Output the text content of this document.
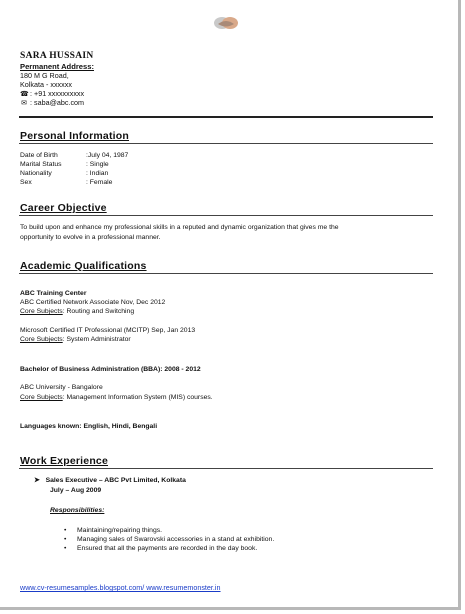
SARA HUSSAIN
Permanent Address:
180 M G Road,
Kolkata - xxxxxx
☎ : +91 xxxxxxxxxx
✉ : saba@abc.com
Personal Information
Date of Birth	:July 04, 1987
Marital Status	: Single
Nationality	: Indian
Sex	: Female
Career Objective
To build upon and enhance my professional skills in a reputed and dynamic organization that gives me the
opportunity to evolve in a professional manner.
Academic Qualifications
ABC Training Center
ABC Certified Network Associate Nov, Dec 2012
Core Subjects: Routing and Switching
Microsoft Certified IT Professional (MCITP) Sep, Jan 2013
Core Subjects: System Administrator
Bachelor of Business Administration (BBA): 2008 - 2012
ABC University - Bangalore
Core Subjects: Management Information System (MIS) courses.
Languages known: English, Hindi, Bengali
Work Experience
➤ Sales Executive – ABC Pvt Limited, Kolkata
July – Aug 2009
Responsibilities:
• Maintaining/repairing things.
• Managing sales of Swarovski accessories in a stand at exhibition.
• Ensured that all the payments are recorded in the day book.
www.cv-resumesamples.blogspot.com/ www.resumemonster.in
